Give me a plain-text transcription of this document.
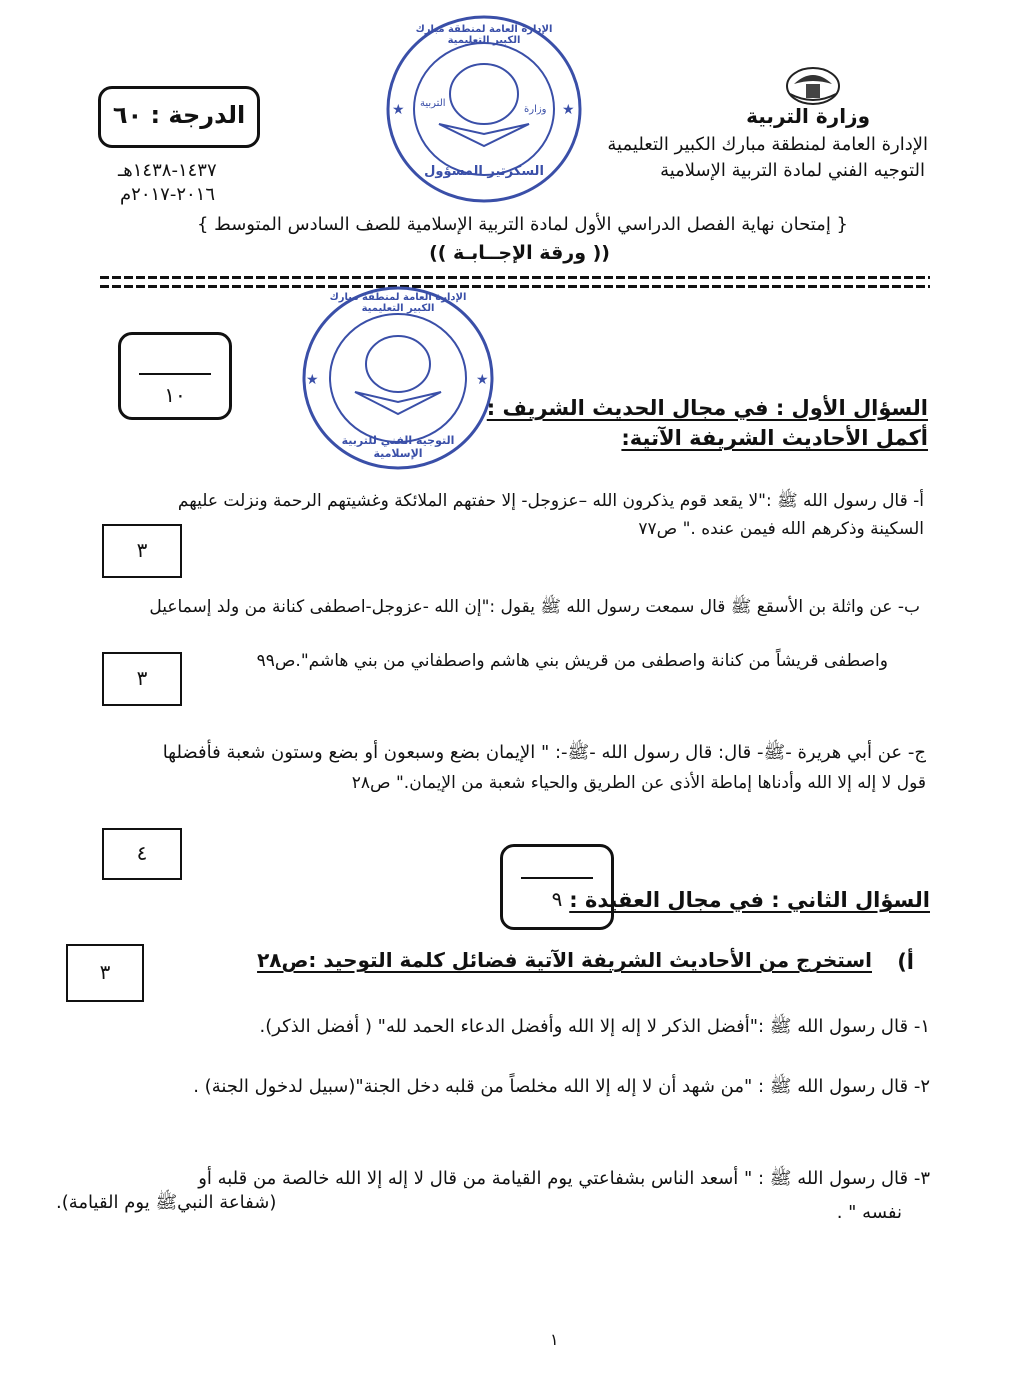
وزارة التربية
الإدارة العامة لمنطقة مبارك الكبير التعليمية
التوجيه الفني لمادة التربية الإسلامية
الدرجة : ٦٠
١٤٣٧-١٤٣٨هـ
٢٠١٦-٢٠١٧م
★	★
الإدارة العامة لمنطقة مبارك الكبير التعليمية
وزارة
التربية
السكرتير المسؤول
{ إمتحان نهاية الفصل الدراسي الأول لمادة التربية الإسلامية للصف السادس المتوسط }
(( ورقة الإجــابـة ))
١٠
★	★
الإدارة العامة لمنطقة مبارك الكبير التعليمية
التوجيه الفني للتربية الإسلامية
السؤال الأول : في مجال الحديث الشريف :
أكمل الأحاديث الشريفة الآتية:
أ- قال رسول الله ﷺ :"لا يقعد قوم يذكرون الله –عزوجل- إلا حفتهم الملائكة وغشيتهم الرحمة ونزلت عليهم
السكينة وذكرهم الله فيمن عنده ." ص٧٧
٣
ب- عن واثلة بن الأسقع ﷺ قال سمعت رسول الله ﷺ يقول :"إن الله -عزوجل-اصطفى كنانة من ولد إسماعيل
واصطفى قريشاً من كنانة واصطفى من قريش بني هاشم واصطفاني من بني هاشم".ص٩٩
٣
ج- عن أبي هريرة -ﷺ- قال: قال رسول الله -ﷺ-: " الإيمان بضع وسبعون أو بضع وستون شعبة فأفضلها
قول لا إله إلا الله وأدناها إماطة الأذى عن الطريق والحياء شعبة من الإيمان." ص٢٨
٤
٩ السؤال الثاني : في مجال العقيدة :
٣	أ)
استخرج من الأحاديث الشريفة الآتية فضائل كلمة التوحيد :ص٢٨
١- قال رسول الله ﷺ :"أفضل الذكر لا إله إلا الله وأفضل الدعاء الحمد لله" ( أفضل الذكر).
٢- قال رسول الله ﷺ : "من شهد أن لا إله إلا الله مخلصاً من قلبه دخل الجنة"(سبيل لدخول الجنة) .
٣- قال رسول الله ﷺ : " أسعد الناس بشفاعتي يوم القيامة من قال لا إله إلا الله خالصة من قلبه أو
نفسه " .
(شفاعة النبيﷺ يوم القيامة).
١
